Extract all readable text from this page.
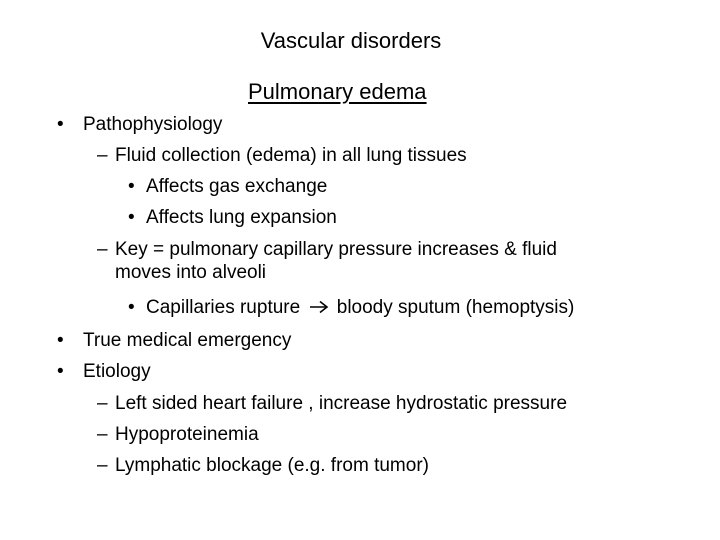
Vascular disorders
Pulmonary edema
• Pathophysiology
– Fluid collection (edema) in all lung tissues
• Affects gas exchange
• Affects lung expansion
– Key = pulmonary capillary pressure increases & fluid
moves into alveoli
• Capillaries rupture bloody sputum (hemoptysis)
• True medical emergency
• Etiology
– Left sided heart failure , increase hydrostatic pressure
– Hypoproteinemia
– Lymphatic blockage (e.g. from tumor)
